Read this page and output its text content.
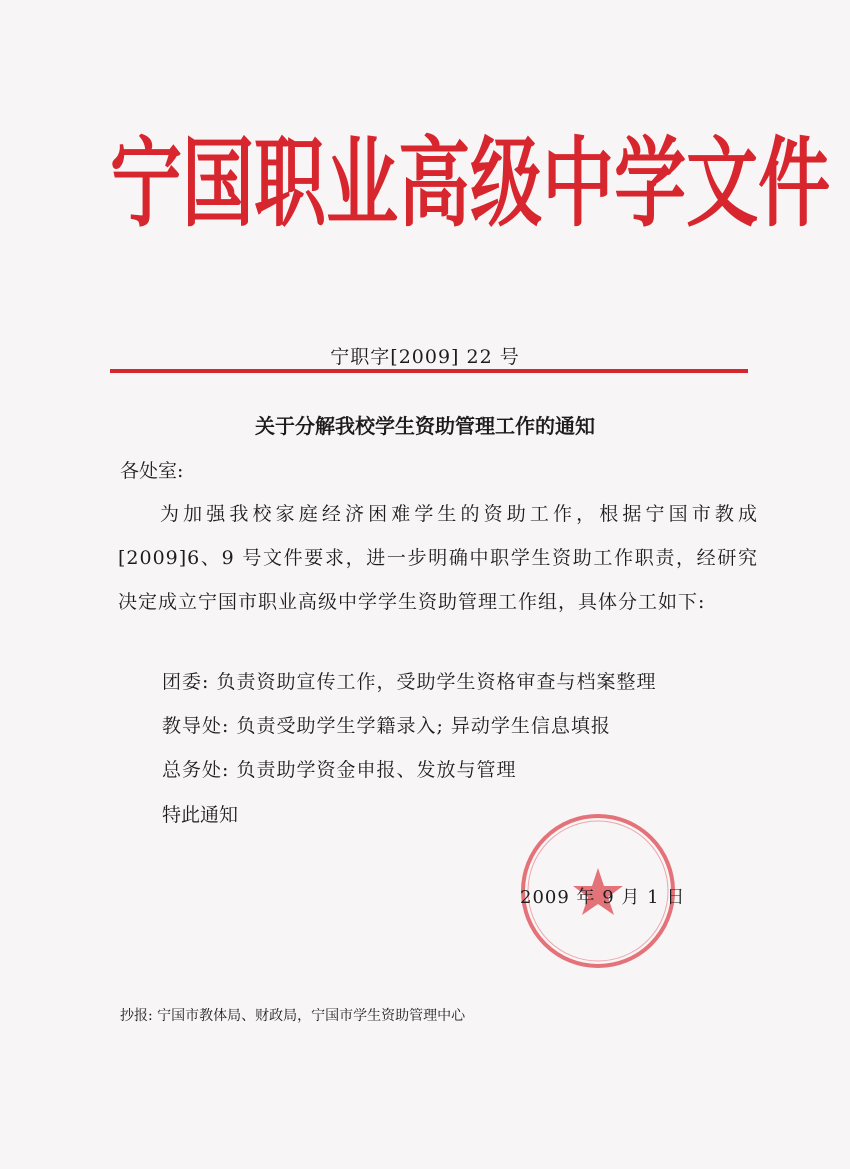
宁 国 职 业 高 级 中 学 文 件
宁职字[2009] 22 号
关于分解我校学生资助管理工作的通知
各处室:
为加强我校家庭经济困难学生的资助工作，根据宁国市教成[2009]6、9 号文件要求，进一步明确中职学生资助工作职责，经研究决定成立宁国市职业高级中学学生资助管理工作组，具体分工如下:
团委: 负责资助宣传工作，受助学生资格审查与档案整理
教导处: 负责受助学生学籍录入; 异动学生信息填报
总务处: 负责助学资金申报、发放与管理
特此通知
2009 年 9 月 1 日
抄报: 宁国市教体局、财政局，宁国市学生资助管理中心
